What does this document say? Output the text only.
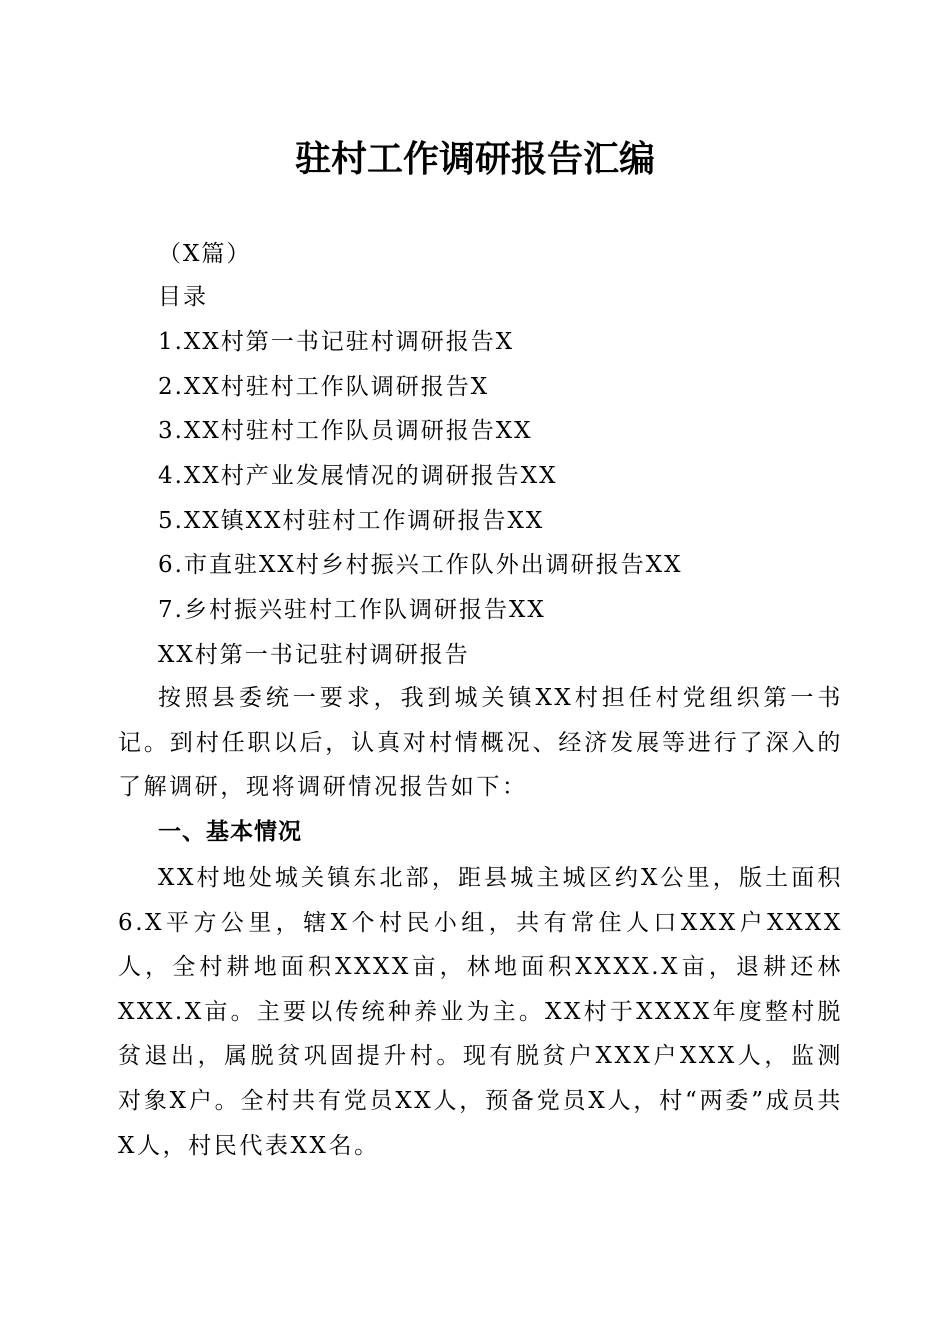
驻村工作调研报告汇编
（X篇）
目录
1.XX村第一书记驻村调研报告X
2.XX村驻村工作队调研报告X
3.XX村驻村工作队员调研报告XX
4.XX村产业发展情况的调研报告XX
5.XX镇XX村驻村工作调研报告XX
6.市直驻XX村乡村振兴工作队外出调研报告XX
7.乡村振兴驻村工作队调研报告XX
XX村第一书记驻村调研报告
按照县委统一要求，我到城关镇XX村担任村党组织第一书记。到村任职以后，认真对村情概况、经济发展等进行了深入的了解调研，现将调研情况报告如下：
一、基本情况
XX村地处城关镇东北部，距县城主城区约X公里，版土面积6.X平方公里，辖X个村民小组，共有常住人口XXX户XXXX人，全村耕地面积XXXX亩，林地面积XXXX.X亩，退耕还林XXX.X亩。主要以传统种养业为主。XX村于XXXX年度整村脱贫退出，属脱贫巩固提升村。现有脱贫户XXX户XXX人，监测对象X户。全村共有党员XX人，预备党员X人，村“两委”成员共X人，村民代表XX名。
